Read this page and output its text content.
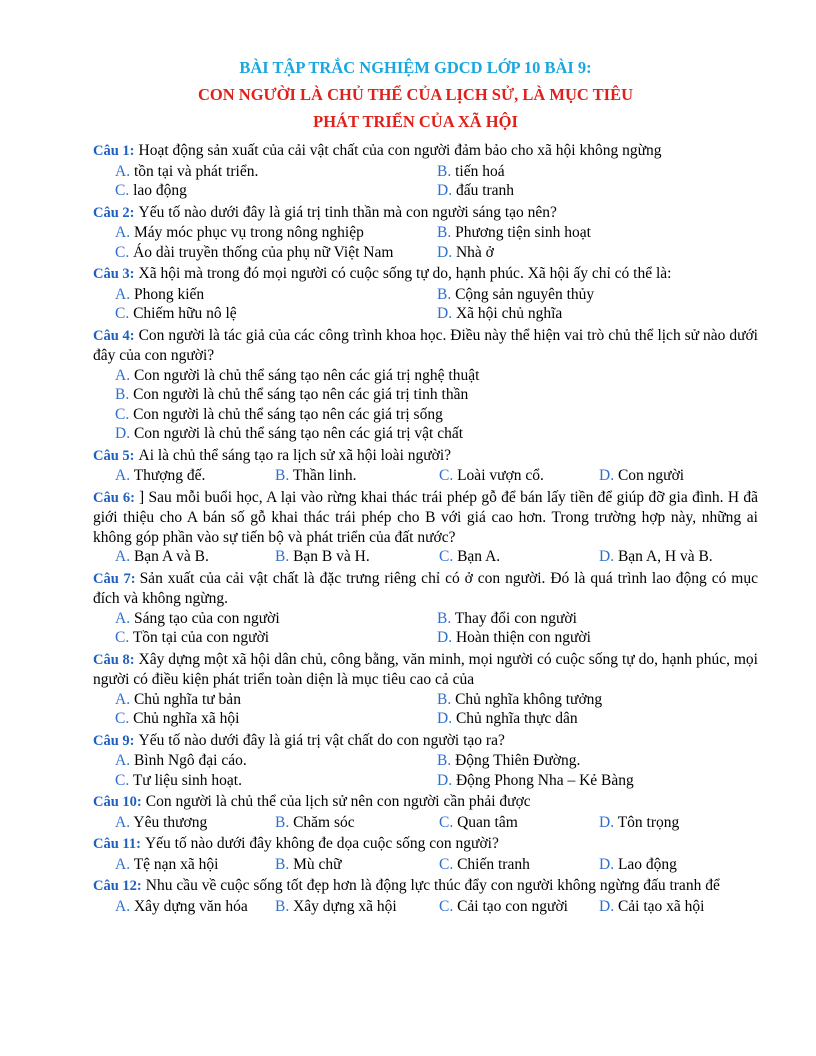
BÀI TẬP TRẮC NGHIỆM GDCD LỚP 10 BÀI 9:

CON NGƯỜI LÀ CHỦ THỂ CỦA LỊCH SỬ, LÀ MỤC TIÊU

PHÁT TRIỂN CỦA XÃ HỘI

Câu 1: Hoạt động sản xuất của cải vật chất của con người đảm bảo cho xã hội không ngừng

A. tồn tại và phát triển.	B. tiến hoá
C. lao động	D. đấu tranh

Câu 2: Yếu tố nào dưới đây là giá trị tinh thần mà con người sáng tạo nên?

A. Máy móc phục vụ trong nông nghiệp	B. Phương tiện sinh hoạt
C. Áo dài truyền thống của phụ nữ Việt Nam	D. Nhà ở

Câu 3: Xã hội mà trong đó mọi người có cuộc sống tự do, hạnh phúc. Xã hội ấy chỉ có thể là:

A. Phong kiến	B. Cộng sản nguyên thủy
C. Chiếm hữu nô lệ	D. Xã hội chủ nghĩa

Câu 4: Con người là tác giả của các công trình khoa học. Điều này thể hiện vai trò chủ thể lịch sử nào dưới đây của con người?

A. Con người là chủ thể sáng tạo nên các giá trị nghệ thuật
B. Con người là chủ thể sáng tạo nên các giá trị tinh thần
C. Con người là chủ thể sáng tạo nên các giá trị sống
D. Con người là chủ thể sáng tạo nên các giá trị vật chất

Câu 5: Ai là chủ thể sáng tạo ra lịch sử xã hội loài người?

A. Thượng đế.	B. Thần linh.	C. Loài vượn cổ.	D. Con người

Câu 6: ] Sau mỗi buổi học, A lại vào rừng khai thác trái phép gỗ để bán lấy tiền để giúp đỡ gia đình. H đã giới thiệu cho A bán số gỗ khai thác trái phép cho B với giá cao hơn. Trong trường hợp này, những ai không góp phần vào sự tiến bộ và phát triển của đất nước?

A. Bạn A và B.	B. Bạn B và H.	C. Bạn A.	D. Bạn A, H và B.

Câu 7: Sản xuất của cải vật chất là đặc trưng riêng chỉ có ở con người. Đó là quá trình lao động có mục đích và không ngừng.

A. Sáng tạo của con người	B. Thay đổi con người
C. Tồn tại của con người	D. Hoàn thiện con người

Câu 8: Xây dựng một xã hội dân chủ, công bằng, văn minh, mọi người có cuộc sống tự do, hạnh phúc, mọi người có điều kiện phát triển toàn diện là mục tiêu cao cả của

A. Chủ nghĩa tư bản	B. Chủ nghĩa không tưởng
C. Chủ nghĩa xã hội	D. Chủ nghĩa thực dân

Câu 9: Yếu tố nào dưới đây là giá trị vật chất do con người tạo ra?

A. Bình Ngô đại cáo.	B. Động Thiên Đường.
C. Tư liệu sinh hoạt.	D. Động Phong Nha – Kẻ Bàng

Câu 10: Con người là chủ thể của lịch sử nên con người cần phải được

A. Yêu thương	B. Chăm sóc	C. Quan tâm	D. Tôn trọng

Câu 11: Yếu tố nào dưới đây không đe dọa cuộc sống con người?

A. Tệ nạn xã hội	B. Mù chữ	C. Chiến tranh	D. Lao động

Câu 12: Nhu cầu về cuộc sống tốt đẹp hơn là động lực thúc đẩy con người không ngừng đấu tranh để

A. Xây dựng văn hóa	B. Xây dựng xã hội	C. Cải tạo con người	D. Cải tạo xã hội
